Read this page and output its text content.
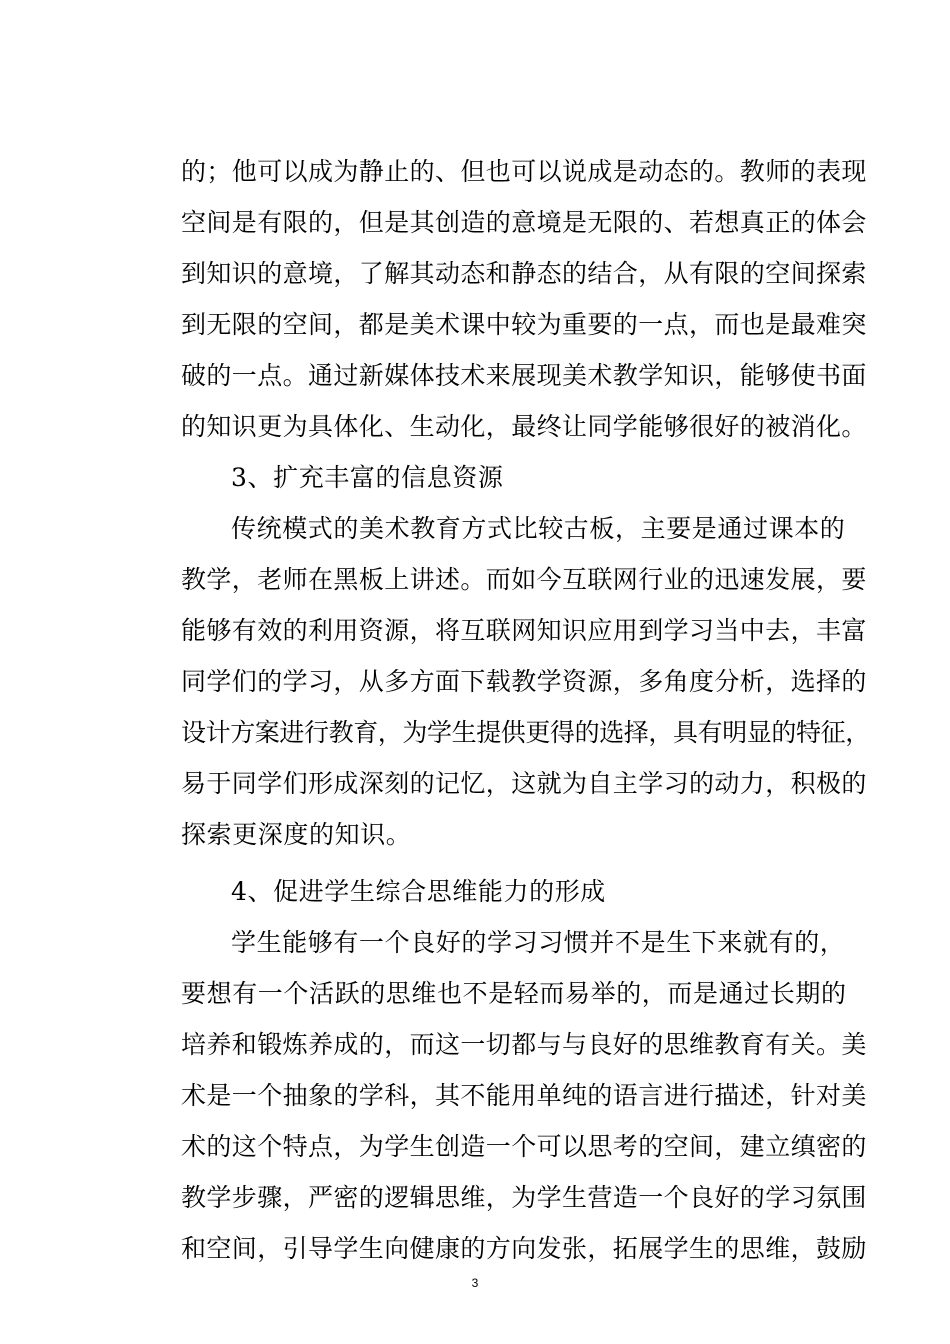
的；他可以成为静止的、但也可以说成是动态的。教师的表现
空间是有限的，但是其创造的意境是无限的、若想真正的体会
到知识的意境，了解其动态和静态的结合，从有限的空间探索
到无限的空间，都是美术课中较为重要的一点，而也是最难突
破的一点。通过新媒体技术来展现美术教学知识，能够使书面
的知识更为具体化、生动化，最终让同学能够很好的被消化。
3、扩充丰富的信息资源
传统模式的美术教育方式比较古板，主要是通过课本的
教学，老师在黑板上讲述。而如今互联网行业的迅速发展，要
能够有效的利用资源，将互联网知识应用到学习当中去，丰富
同学们的学习，从多方面下载教学资源，多角度分析，选择的
设计方案进行教育，为学生提供更得的选择，具有明显的特征，
易于同学们形成深刻的记忆，这就为自主学习的动力，积极的
探索更深度的知识。
4、促进学生综合思维能力的形成
学生能够有一个良好的学习习惯并不是生下来就有的，
要想有一个活跃的思维也不是轻而易举的，而是通过长期的
培养和锻炼养成的，而这一切都与与良好的思维教育有关。美
术是一个抽象的学科，其不能用单纯的语言进行描述，针对美
术的这个特点，为学生创造一个可以思考的空间，建立缜密的
教学步骤，严密的逻辑思维，为学生营造一个良好的学习氛围
和空间，引导学生向健康的方向发张，拓展学生的思维，鼓励
3
